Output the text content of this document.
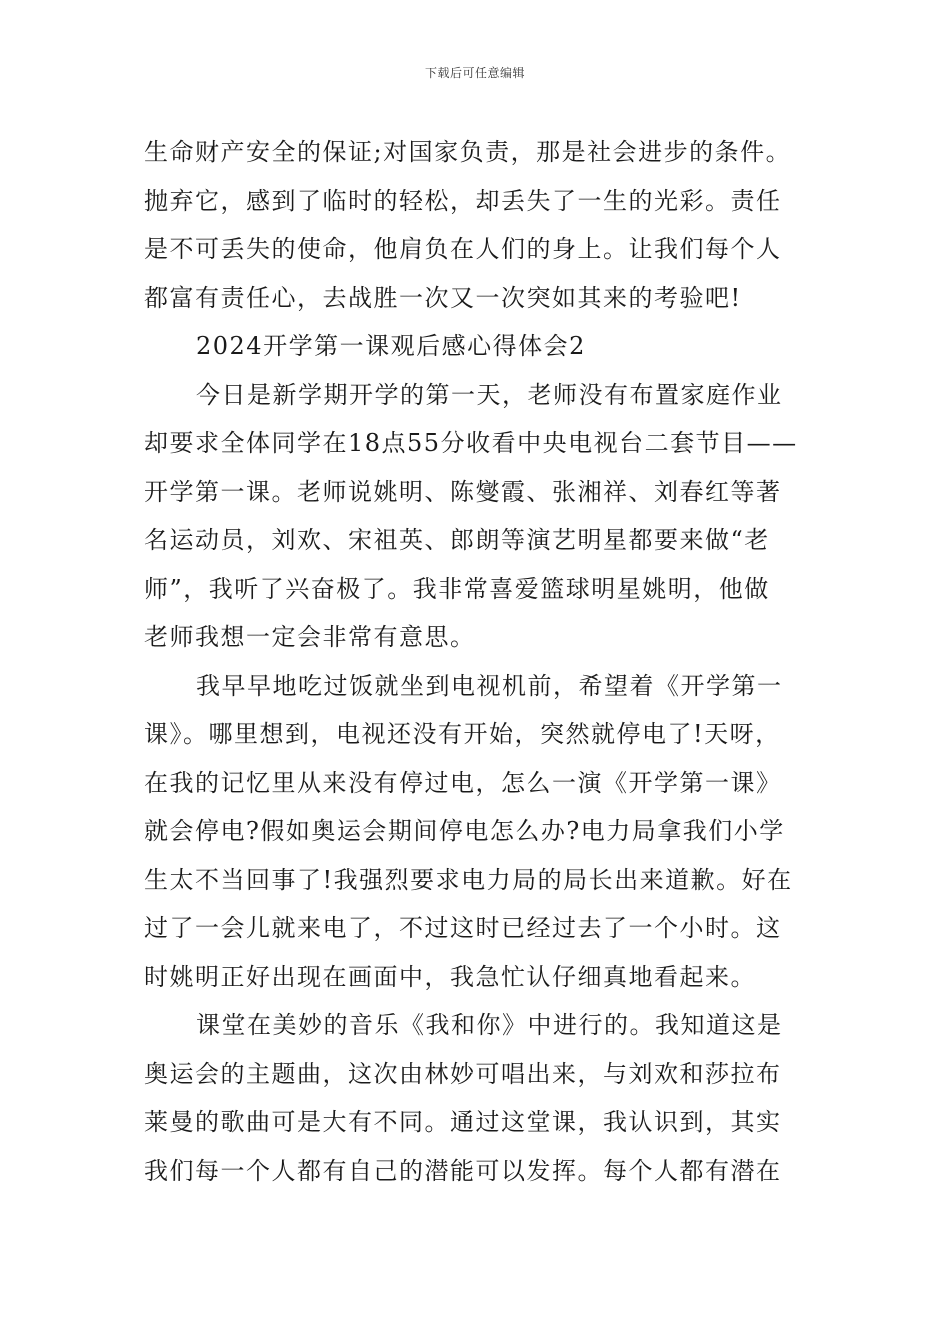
下载后可任意编辑
生命财产安全的保证;对国家负责，那是社会进步的条件。
抛弃它，感到了临时的轻松，却丢失了一生的光彩。责任
是不可丢失的使命，他肩负在人们的身上。让我们每个人
都富有责任心，去战胜一次又一次突如其来的考验吧!
2024开学第一课观后感心得体会2
今日是新学期开学的第一天，老师没有布置家庭作业
却要求全体同学在18点55分收看中央电视台二套节目——
开学第一课。老师说姚明、陈燮霞、张湘祥、刘春红等著
名运动员，刘欢、宋祖英、郎朗等演艺明星都要来做“老
师”，我听了兴奋极了。我非常喜爱篮球明星姚明，他做
老师我想一定会非常有意思。
我早早地吃过饭就坐到电视机前，希望着《开学第一
课》。哪里想到，电视还没有开始，突然就停电了!天呀，
在我的记忆里从来没有停过电，怎么一演《开学第一课》
就会停电?假如奥运会期间停电怎么办?电力局拿我们小学
生太不当回事了!我强烈要求电力局的局长出来道歉。好在
过了一会儿就来电了，不过这时已经过去了一个小时。这
时姚明正好出现在画面中，我急忙认仔细真地看起来。
课堂在美妙的音乐《我和你》中进行的。我知道这是
奥运会的主题曲，这次由林妙可唱出来，与刘欢和莎拉布
莱曼的歌曲可是大有不同。通过这堂课，我认识到，其实
我们每一个人都有自己的潜能可以发挥。每个人都有潜在
